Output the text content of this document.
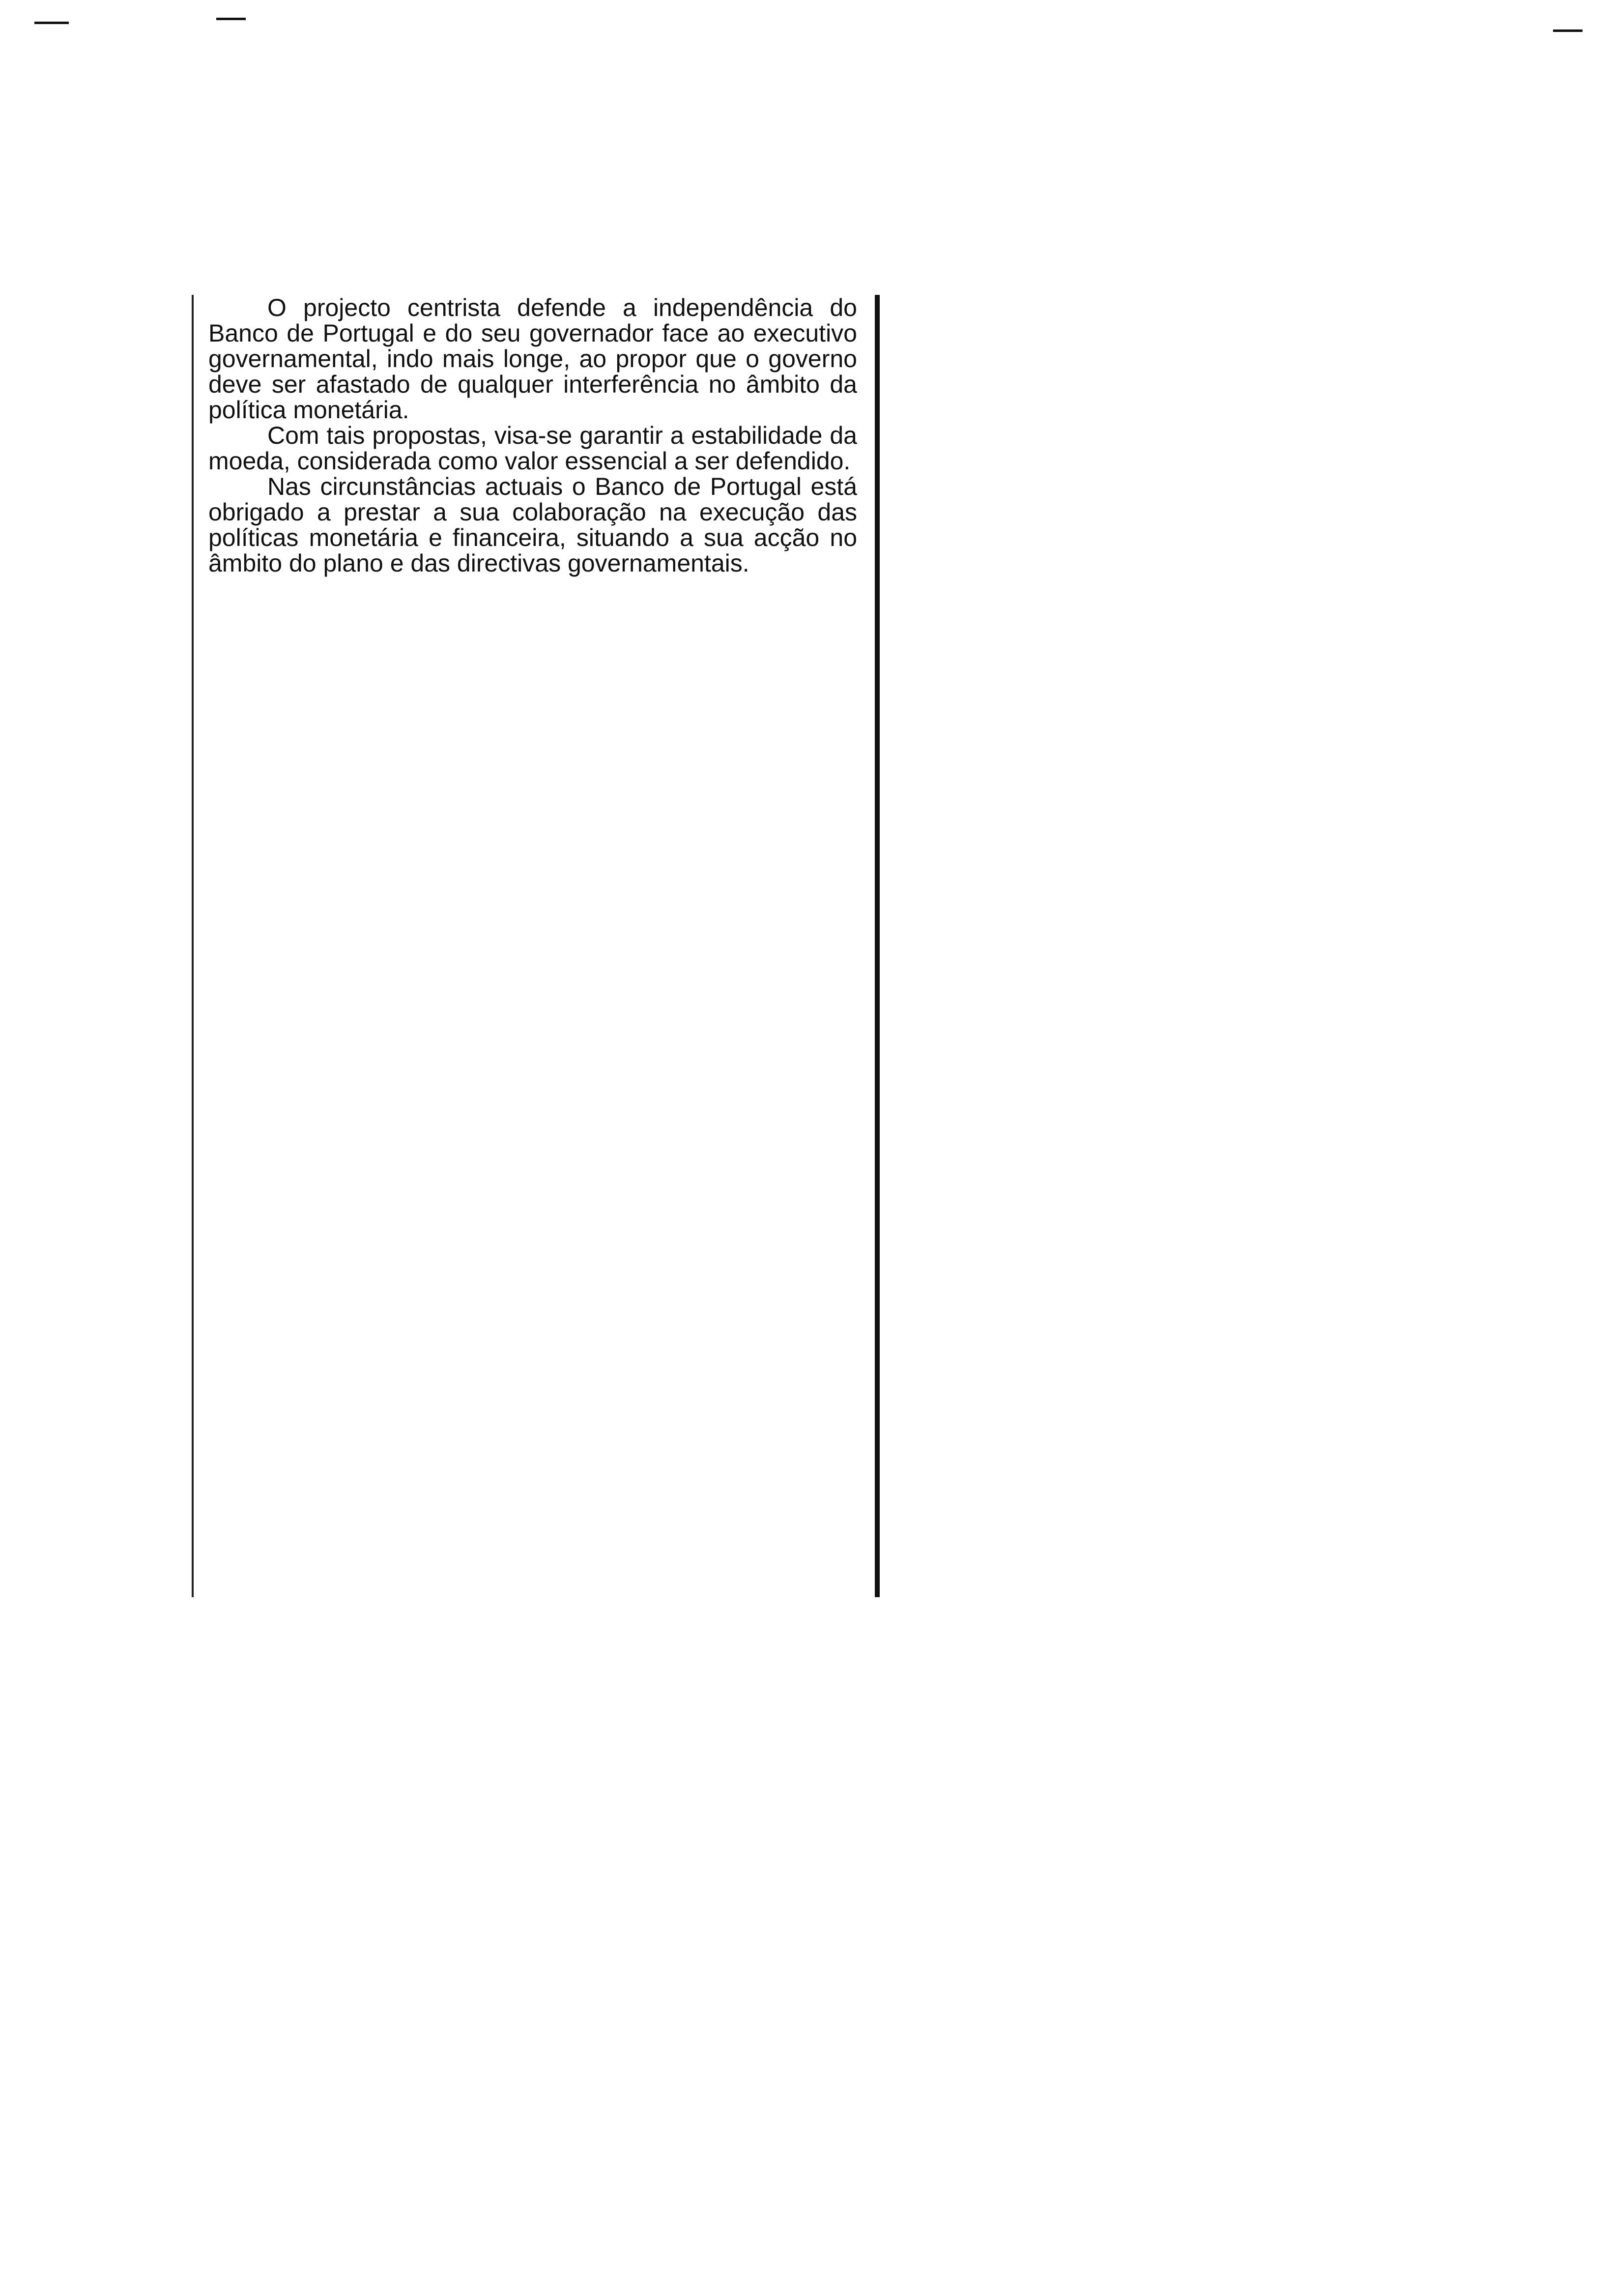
O projecto centrista defende a independência do Banco de Portugal e do seu governador face ao executivo governamental, indo mais longe, ao propor que o governo deve ser afastado de qualquer interferência no âmbito da política monetária.

Com tais propostas, visa-se garantir a estabilidade da moeda, considerada como valor essencial a ser defendido.

Nas circunstâncias actuais o Banco de Portugal está obrigado a prestar a sua colaboração na execução das políticas monetária e financeira, situando a sua acção no âmbito do plano e das directivas governamentais.
